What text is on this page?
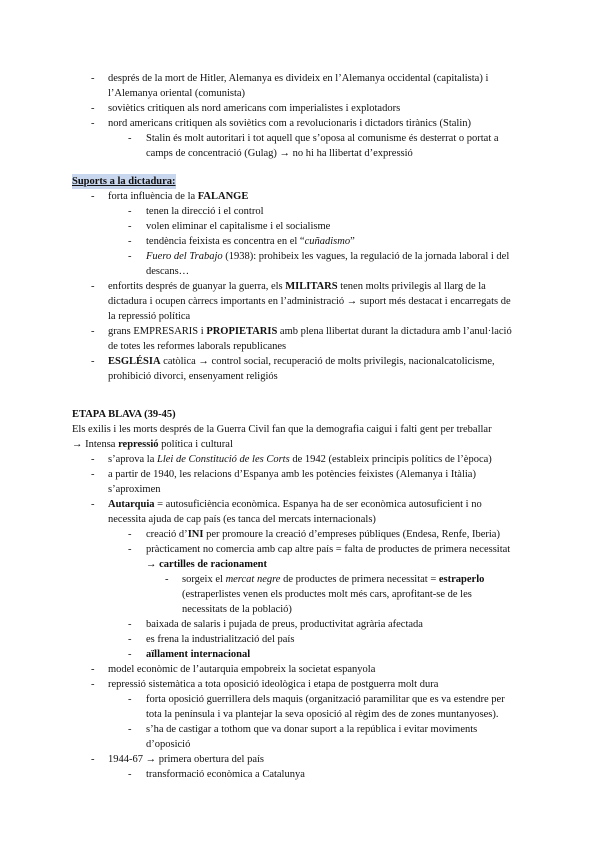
- després de la mort de Hitler, Alemanya es divideix en l’Alemanya occidental (capitalista) i l’Alemanya oriental (comunista)
- soviètics critiquen als nord americans com imperialistes i explotadors
- nord americans critiquen als soviètics com a revolucionaris i dictadors tirànics (Stalin)
- Stalin és molt autoritari i tot aquell que s’oposa al comunisme és desterrat o portat a camps de concentració (Gulag) → no hi ha llibertat d’expressió
Suports a la dictadura:
- forta influència de la FALANGE
- tenen la direcció i el control
- volen eliminar el capitalisme i el socialisme
- tendència feixista es concentra en el “cuñadismo”
- Fuero del Trabajo (1938): prohibeix les vagues, la regulació de la jornada laboral i del descans…
- enfortits després de guanyar la guerra, els MILITARS tenen molts privilegis al llarg de la dictadura i ocupen càrrecs importants en l’administració → suport més destacat i encarregats de la repressió política
- grans EMPRESARIS i PROPIETARIS amb plena llibertat durant la dictadura amb l’anul·lació de totes les reformes laborals republicanes
- ESGLÉSIA catòlica → control social, recuperació de molts privilegis, nacionalcatolicisme, prohibició divorci, ensenyament religiós
ETAPA BLAVA (39-45)
Els exilis i les morts després de la Guerra Civil fan que la demografia caigui i falti gent per treballar
→ Intensa repressió política i cultural
- s’aprova la Llei de Constitució de les Corts de 1942 (estableix principis polítics de l’època)
- a partir de 1940, les relacions d’Espanya amb les potències feixistes (Alemanya i Itàlia) s’aproximen
- Autarquia = autosuficiència econòmica. Espanya ha de ser econòmica autosuficient i no necessita ajuda de cap país (es tanca del mercats internacionals)
- creació d’INI per promoure la creació d’empreses públiques (Endesa, Renfe, Iberia)
- pràcticament no comercia amb cap altre país = falta de productes de primera necessitat → cartilles de racionament
- sorgeix el mercat negre de productes de primera necessitat = estraperlo (estraperlistes venen els productes molt més cars, aprofitant-se de les necessitats de la població)
- baixada de salaris i pujada de preus, productivitat agrària afectada
- es frena la industrialització del país
- aïllament internacional
- model econòmic de l’autarquia empobreix la societat espanyola
- repressió sistemàtica a tota oposició ideològica i etapa de postguerra molt dura
- forta oposició guerrillera dels maquis (organització paramilitar que es va estendre per tota la península i va plantejar la seva oposició al règim des de zones muntanyoses).
- s’ha de castigar a tothom que va donar suport a la república i evitar moviments d’oposició
- 1944-67 → primera obertura del país
- transformació econòmica a Catalunya
